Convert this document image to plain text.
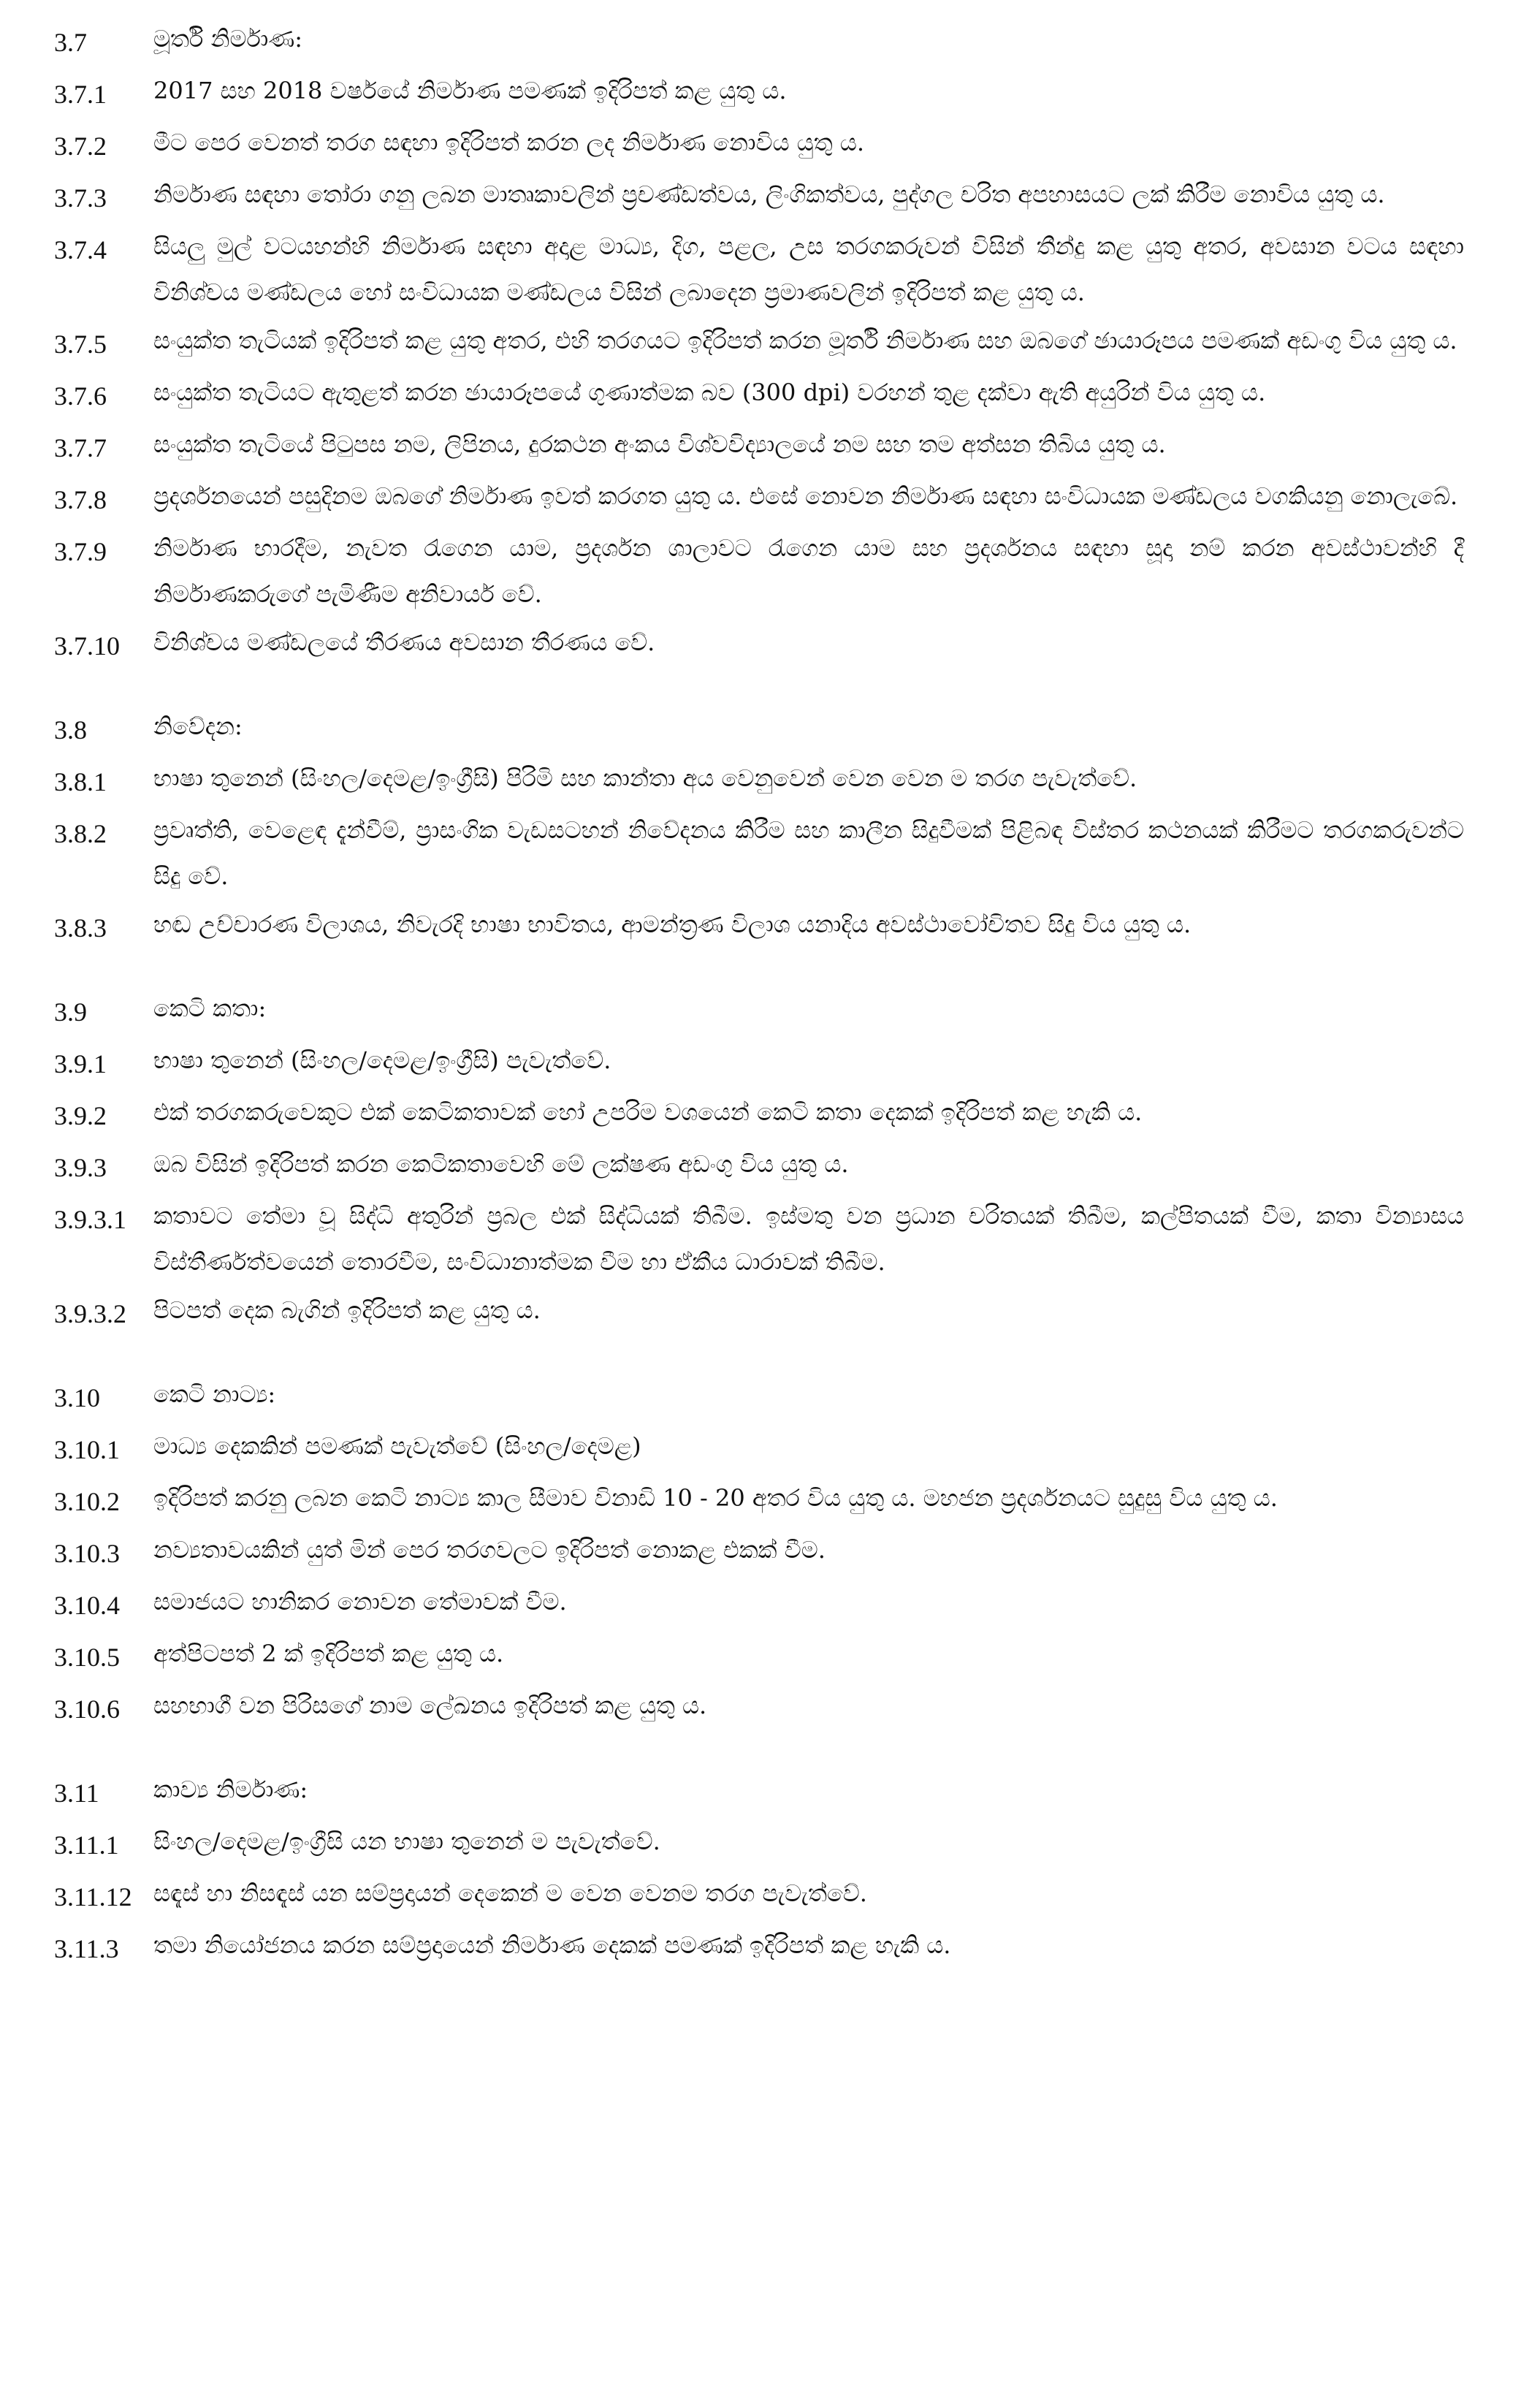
3.7	මූර්ති නිර්මාණ:
3.7.1	2017 සහ 2018 වර්ෂයේ නිර්මාණ පමණක් ඉදිරිපත් කළ යුතු ය.
3.7.2	මීට පෙර වෙනත් තරග සඳහා ඉදිරිපත් කරන ලද නිර්මාණ නොවිය යුතු ය.
3.7.3	නිර්මාණ සඳහා තෝරා ගනු ලබන මාතෘකාවලින් ප්‍රචණ්ඩත්වය, ලිංගිකත්වය, පුද්ගල චරිත අපහාසයට ලක් කිරීම නොවිය යුතු ය.
3.7.4	සියලු මුල් වටයහන්හි නිර්මාණ සඳහා අදාළ මාධ්‍ය, දිග, පළල, උස තරගකරුවන් විසින් තීන්දු කළ යුතු අතර, අවසාන වටය සඳහා විනිශ්චය මණ්ඩලය හෝ සංවිධායක මණ්ඩලය විසින් ලබාදෙන ප්‍රමාණවලින් ඉදිරිපත් කළ යුතු ය.
3.7.5	සංයුක්ත තැටියක් ඉදිරිපත් කළ යුතු අතර, එහි තරගයට ඉදිරිපත් කරන මූර්ති නිර්මාණ සහ ඔබගේ ඡායාරූපය පමණක් අඩංගු විය යුතු ය.
3.7.6	සංයුක්ත තැටියට ඇතුළත් කරන ඡායාරූපයේ ගුණාත්මක බව (300 dpi) වරහන් තුළ දක්වා ඇති අයුරින් විය යුතු ය.
3.7.7	සංයුක්ත තැටියේ පිටුපස නම, ලිපිනය, දුරකථන අංකය විශ්වවිද්‍යාලයේ නම සහ තම අත්සන තිබිය යුතු ය.
3.7.8	ප්‍රදර්ශනයෙන් පසුදිනම ඔබගේ නිර්මාණ ඉවත් කරගත යුතු ය. එසේ නොවන නිර්මාණ සඳහා සංවිධායක මණ්ඩලය වගකියනු නොලැබේ.
3.7.9	නිර්මාණ භාරදීම, නැවත රැගෙන යාම, ප්‍රදර්ශන ශාලාවට රැගෙන යාම සහ ප්‍රදර්ශනය සඳහා සූදා නම් කරන අවස්ථාවන්හි දී නිර්මාණකරුගේ පැමිණීම අනිවාර්ය වේ.
3.7.10	විනිශ්චය මණ්ඩලයේ තීරණය අවසාන තීරණය වේ.
3.8	නිවේදන:
3.8.1	භාෂා තුනෙන් (සිංහල/දෙමළ/ඉංග්‍රීසි) පිරිමි සහ කාන්තා අය වෙනුවෙන් වෙන වෙන ම තරග පැවැත්වේ.
3.8.2	ප්‍රවෘත්ති, වෙළෙඳ දැන්වීම්, ප්‍රාසංගික වැඩසටහන් නිවේදනය කිරීම සහ කාලීන සිදුවීමක් පිළිබඳ විස්තර කථනයක් කිරීමට තරගකරුවන්ට සිදු වේ.
3.8.3	හඬ උච්චාරණ විලාශය, නිවැරදි භාෂා භාවිතය, ආමන්ත්‍රණ විලාශ යනාදිය අවස්ථාවෝචිතව සිදු විය යුතු ය.
3.9	කෙටි කතා:
3.9.1	භාෂා තුනෙන් (සිංහල/දෙමළ/ඉංග්‍රීසි) පැවැත්වේ.
3.9.2	එක් තරගකරුවෙකුට එක් කෙටිකතාවක් හෝ උපරිම වශයෙන් කෙටි කතා දෙකක් ඉදිරිපත් කළ හැකි ය.
3.9.3	ඔබ විසින් ඉදිරිපත් කරන කෙටිකතාවෙහි මේ ලක්ෂණ අඩංගු විය යුතු ය.
3.9.3.1	කතාවට තේමා වූ සිද්ධි අතුරින් ප්‍රබල එක් සිද්ධියක් තිබීම. ඉස්මතු වන ප්‍රධාන චරිතයක් තිබීම, කල්පිතයක් වීම, කතා වින්‍යාසය විස්තීර්ණත්වයෙන් තොරවීම, සංවිධානාත්මක වීම හා ඒකීය ධාරාවක් තිබීම.
3.9.3.2	පිටපත් දෙක බැගින් ඉදිරිපත් කළ යුතු ය.
3.10	කෙටි නාට්‍ය:
3.10.1	මාධ්‍ය දෙකකින් පමණක් පැවැත්වේ (සිංහල/දෙමළ)
3.10.2	ඉදිරිපත් කරනු ලබන කෙටි නාට්‍ය කාල සීමාව විනාඩි 10 - 20 අතර විය යුතු ය. මහජන ප්‍රදර්ශනයට සුදුසු විය යුතු ය.
3.10.3	නව්‍යතාවයකින් යුත් මින් පෙර තරගවලට ඉදිරිපත් නොකළ එකක් වීම.
3.10.4	සමාජයට හානිකර නොවන තේමාවක් වීම.
3.10.5	අත්පිටපත් 2 ක් ඉදිරිපත් කළ යුතු ය.
3.10.6	සහභාගී වන පිරිසගේ නාම ලේඛනය ඉදිරිපත් කළ යුතු ය.
3.11	කාව්‍ය නිර්මාණ:
3.11.1	සිංහල/දෙමළ/ඉංග්‍රීසි යන භාෂා තුනෙන් ම පැවැත්වේ.
3.11.12 සඳැස් හා නිසඳැස් යන සම්ප්‍රදායන් දෙකෙන් ම වෙන වෙනම තරග පැවැත්වේ.
3.11.3	තමා නියෝජනය කරන සම්ප්‍රදායෙන් නිර්මාණ දෙකක් පමණක් ඉදිරිපත් කළ හැකි ය.
